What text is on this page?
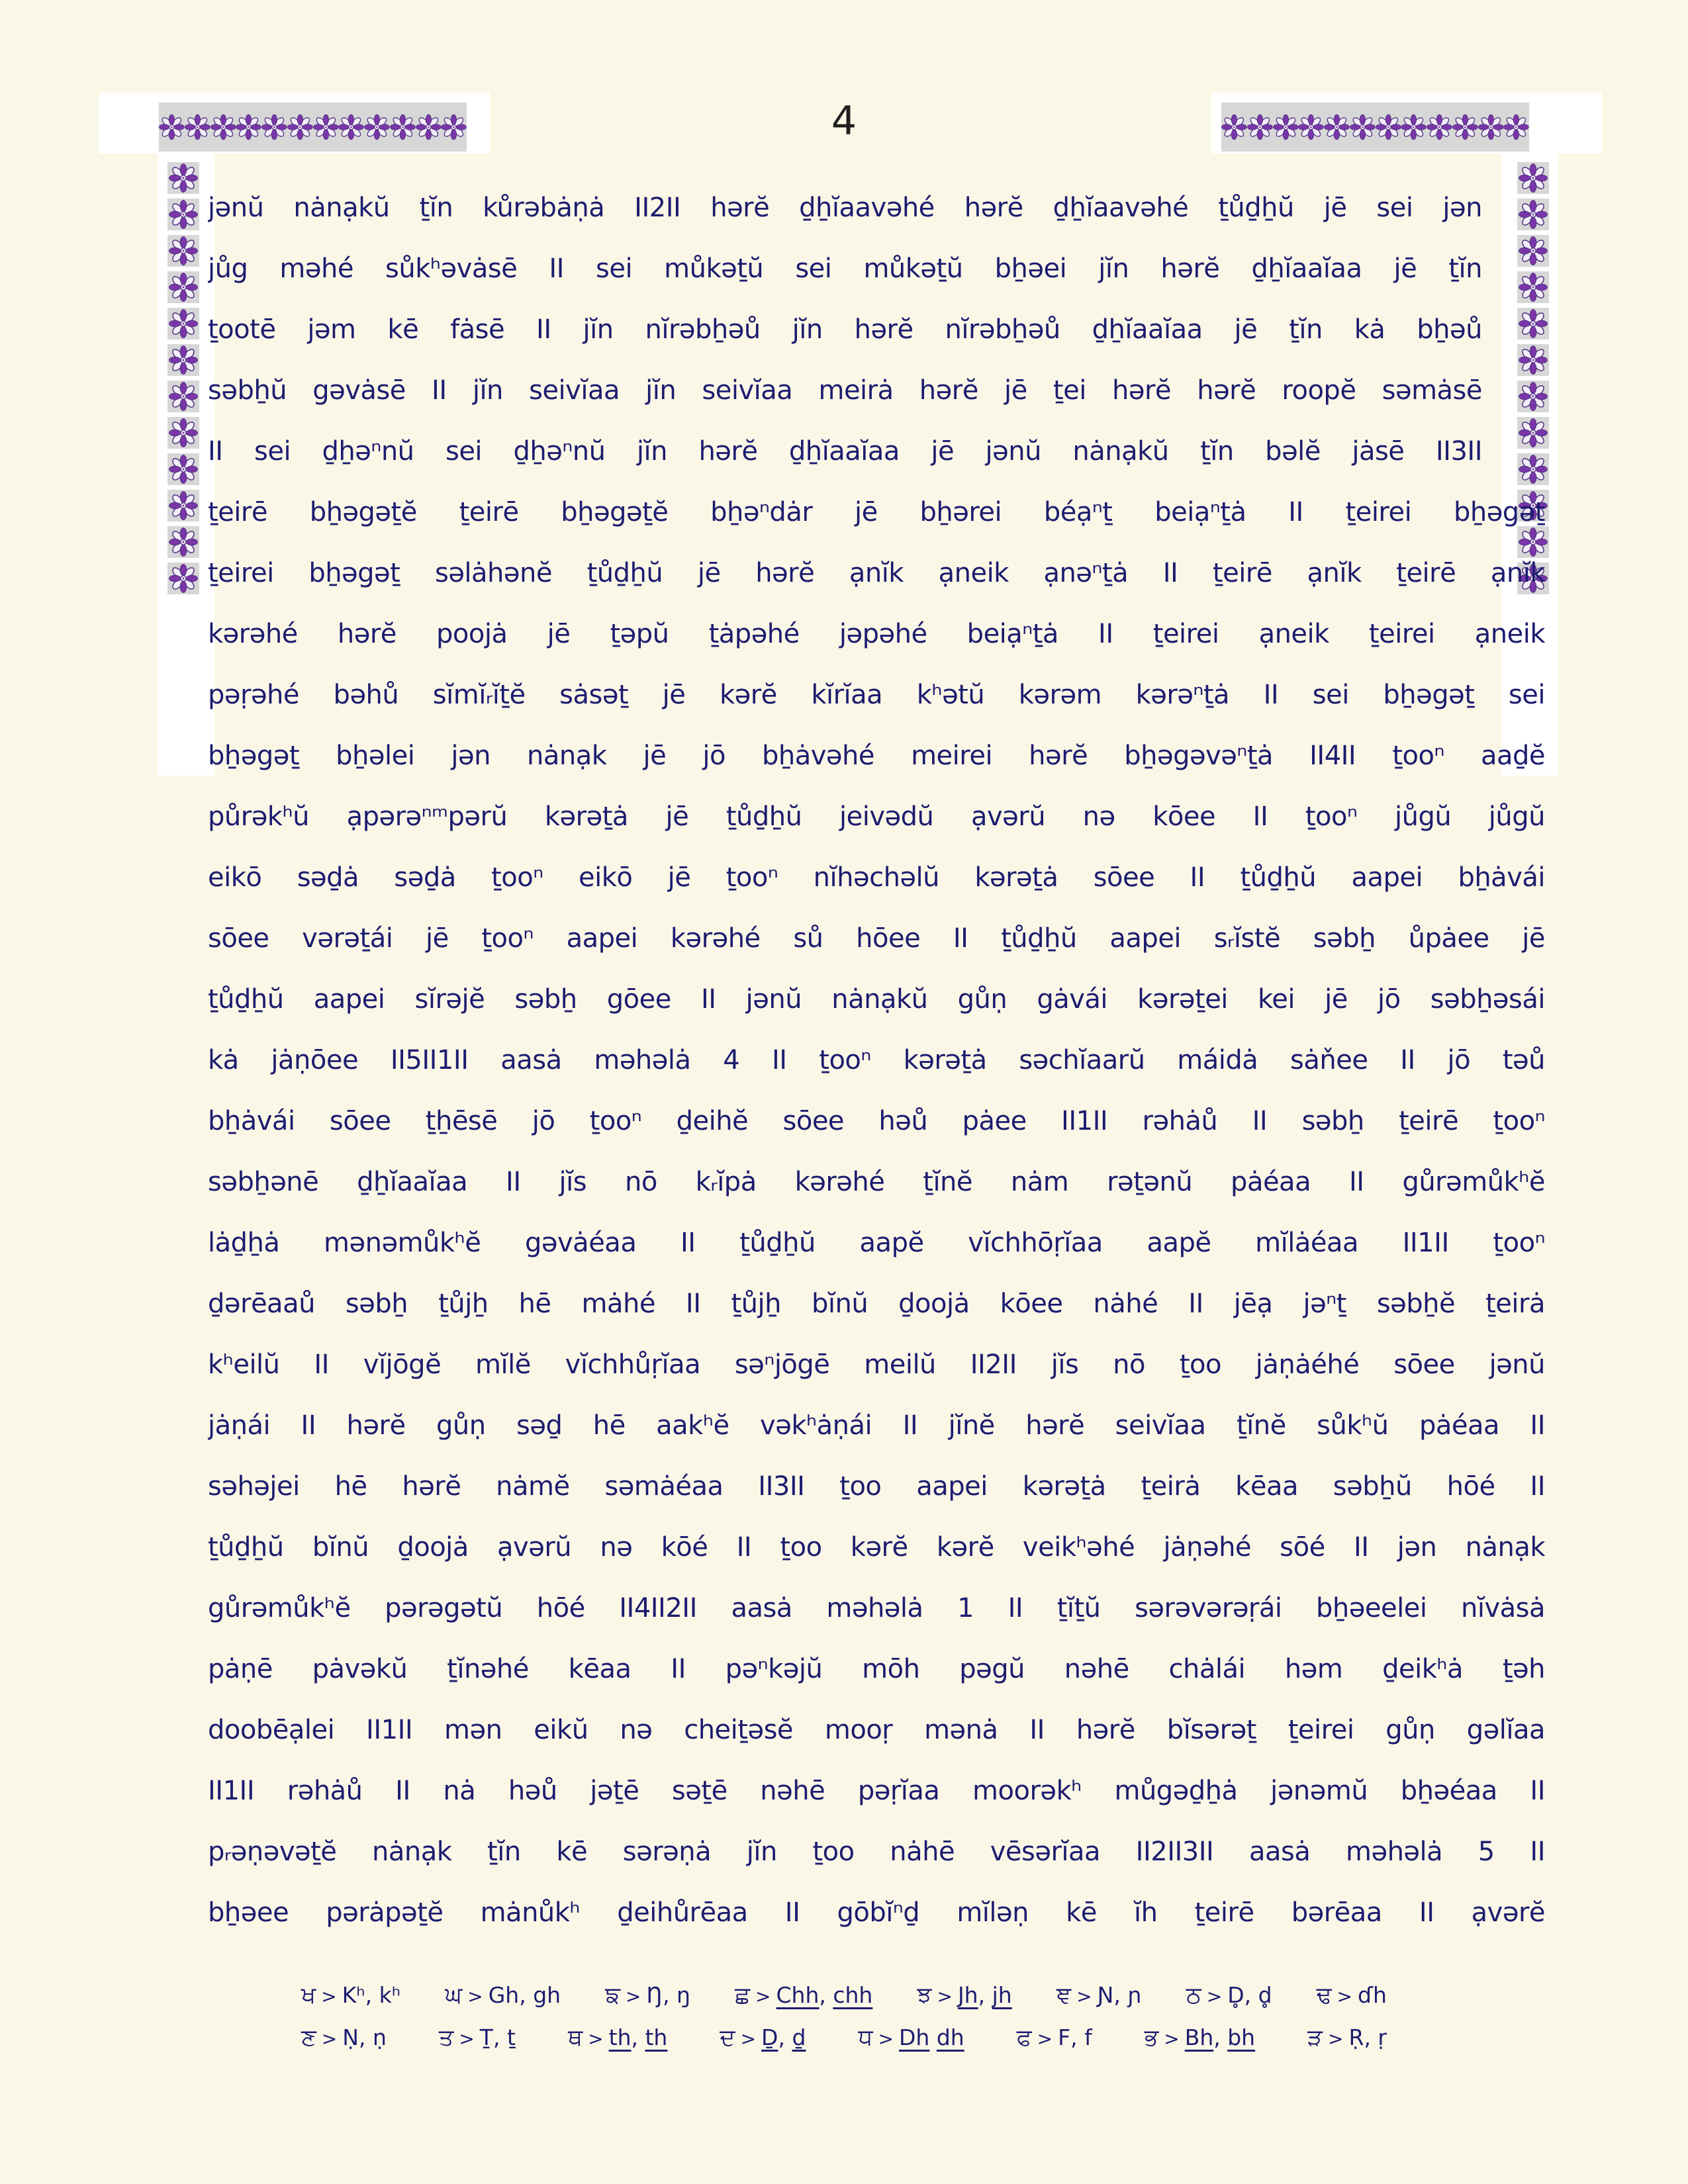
4

jənŭ nȧnạkŭ ṯĭn kůrəbȧṇȧ II2II hərĕ ḏẖĭaavəhé hərĕ ḏẖĭaavəhé ṯůḏẖŭ jē sei jən

jůg məhé sůkʰəvȧsē II sei můkəṯŭ sei můkəṯŭ bẖəei jĭn hərĕ ḏẖĭaaĭaa jē ṯĭn

ṯootē jəm kē fȧsē II jĭn nĭrəbẖəů jĭn hərĕ nĭrəbẖəů ḏẖĭaaĭaa jē ṯĭn kȧ bẖəů

səbẖŭ gəvȧsē II jĭn seivĭaa jĭn seivĭaa meirȧ hərĕ jē ṯei hərĕ hərĕ roopĕ səmȧsē

II sei ḏẖəⁿnŭ sei ḏẖəⁿnŭ jĭn hərĕ ḏẖĭaaĭaa jē jənŭ nȧnạkŭ ṯĭn bəlĕ jȧsē II3II

ṯeirē bẖəgəṯĕ ṯeirē bẖəgəṯĕ bẖəⁿdȧr jē bẖərei béạⁿṯ beiạⁿṯȧ II ṯeirei bẖəgəṯ

ṯeirei bẖəgəṯ səlȧhənĕ ṯůḏẖŭ jē hərĕ ạnĭk ạneik ạnəⁿṯȧ II ṯeirē ạnĭk ṯeirē ạnĭk

kərəhé hərĕ poojȧ jē ṯəpŭ ṯȧpəhé jəpəhé beiạⁿṯȧ II ṯeirei ạneik ṯeirei ạneik

pəṛəhé bəhů sĭmĭᵣĭṯĕ sȧsəṯ jē kərĕ kĭrĭaa kʰətŭ kərəm kərəⁿṯȧ II sei bẖəgəṯ sei

bẖəgəṯ bẖəlei jən nȧnạk jē jō bẖȧvəhé meirei hərĕ bẖəgəvəⁿṯȧ II4II ṯooⁿ aaḏĕ

půrəkʰŭ ạpərəⁿᵐpərŭ kərəṯȧ jē ṯůḏẖŭ jeivədŭ ạvərŭ nə kōee II ṯooⁿ jůgŭ jůgŭ

eikō səḏȧ səḏȧ ṯooⁿ eikō jē ṯooⁿ nĭhəchəlŭ kərəṯȧ sōee II ṯůḏẖŭ aapei bẖȧvái

sōee vərəṯái jē ṯooⁿ aapei kərəhé sů hōee II ṯůḏẖŭ aapei sᵣĭstĕ səbẖ ůpȧee jē

ṯůḏẖŭ aapei sĭrəjĕ səbẖ gōee II jənŭ nȧnạkŭ gůṇ gȧvái kərəṯei kei jē jō səbẖəsái

kȧ jȧṇōee II5II1II aasȧ məhəlȧ 4 II ṯooⁿ kərəṯȧ səchĭaarŭ máidȧ sȧňee II jō təů

bẖȧvái sōee ṯẖēsē jō ṯooⁿ ḏeihĕ sōee həů pȧee II1II rəhȧů II səbẖ ṯeirē ṯooⁿ

səbẖənē ḏẖĭaaĭaa II jĭs nō kᵣĭpȧ kərəhé ṯĭnĕ nȧm rəṯənŭ pȧéaa II gůrəmůkʰĕ

lȧḏẖȧ mənəmůkʰĕ gəvȧéaa II ṯůḏẖŭ aapĕ vĭchhōṛĭaa aapĕ mĭlȧéaa II1II ṯooⁿ

ḏərēaaů səbẖ ṯůjẖ hē mȧhé II ṯůjẖ bĭnŭ ḏoojȧ kōee nȧhé II jēạ jəⁿṯ səbẖĕ ṯeirȧ

kʰeilŭ II vĭjōgĕ mĭlĕ vĭchhůṛĭaa səⁿjōgē meilŭ II2II jĭs nō ṯoo jȧṇȧéhé sōee jənŭ

jȧṇái II hərĕ gůṇ səḏ hē aakʰĕ vəkʰȧṇái II jĭnĕ hərĕ seivĭaa ṯĭnĕ sůkʰŭ pȧéaa II

səhəjei hē hərĕ nȧmĕ səmȧéaa II3II ṯoo aapei kərəṯȧ ṯeirȧ kēaa səbẖŭ hōé II

ṯůḏẖŭ bĭnŭ ḏoojȧ ạvərŭ nə kōé II ṯoo kərĕ kərĕ veikʰəhé jȧṇəhé sōé II jən nȧnạk

gůrəmůkʰĕ pərəgətŭ hōé II4II2II aasȧ məhəlȧ 1 II ṯĭṯŭ sərəvərəṛái bẖəeelei nĭvȧsȧ

pȧṇē pȧvəkŭ ṯĭnəhé kēaa II pəⁿkəjŭ mōh pəgŭ nəhē chȧlái həm ḏeikʰȧ ṯəh

doobēạlei II1II mən eikŭ nə cheiṯəsĕ mooṛ mənȧ II hərĕ bĭsərəṯ ṯeirei gůṇ gəlĭaa

II1II rəhȧů II nȧ həů jəṯē səṯē nəhē pəṛĭaa moorəkʰ můgəḏẖȧ jənəmŭ bẖəéaa II

pᵣəṇəvəṯĕ nȧnạk ṯĭn kē sərəṇȧ jĭn ṯoo nȧhē vēsərĭaa II2II3II aasȧ məhəlȧ 5 II

bẖəee pərȧpəṯĕ mȧnůkʰ ḏeihůrēaa II gōbĭⁿḏ mĭləṇ kē ĭh ṯeirē bərēaa II ạvərĕ

ਖ > Kʰ, kʰ ਘ > Gh, gh ਙ > Ŋ, ŋ ਛ > Chh, chh ਝ > Jh, jh ਞ > Ɲ, ɲ ਠ > D̥, d̥ ਢ > ɗh
ਣ > Ṇ, ṇ ਤ > Ṯ, ṯ ਥ > th, th ਦ > Ḏ, ḏ ਧ > Dh dh ਫ > F, f ਭ > Bh, bh ੜ > Ṛ, ṛ
